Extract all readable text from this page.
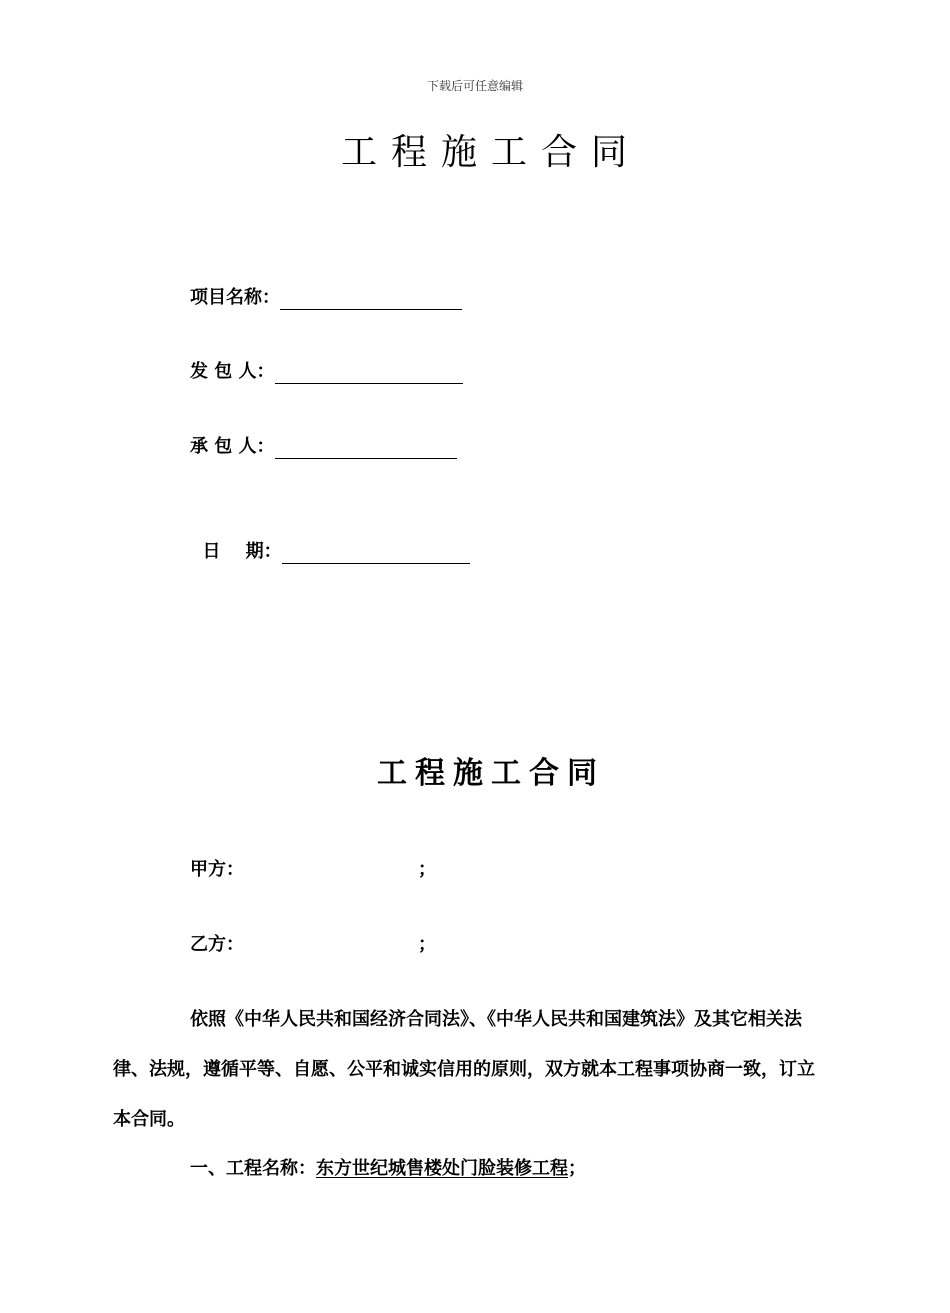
下载后可任意编辑
工程施工合同
项目名称：
发 包 人：
承 包 人：

日    期：

工程施工合同
甲方：	；
乙方：	；
依照《中华人民共和国经济合同法》、《中华人民共和国建筑法》及其它相关法
律、法规，遵循平等、自愿、公平和诚实信用的原则，双方就本工程事项协商一致，订立
本合同。
一、工程名称：东方世纪城售楼处门脸装修工程；
